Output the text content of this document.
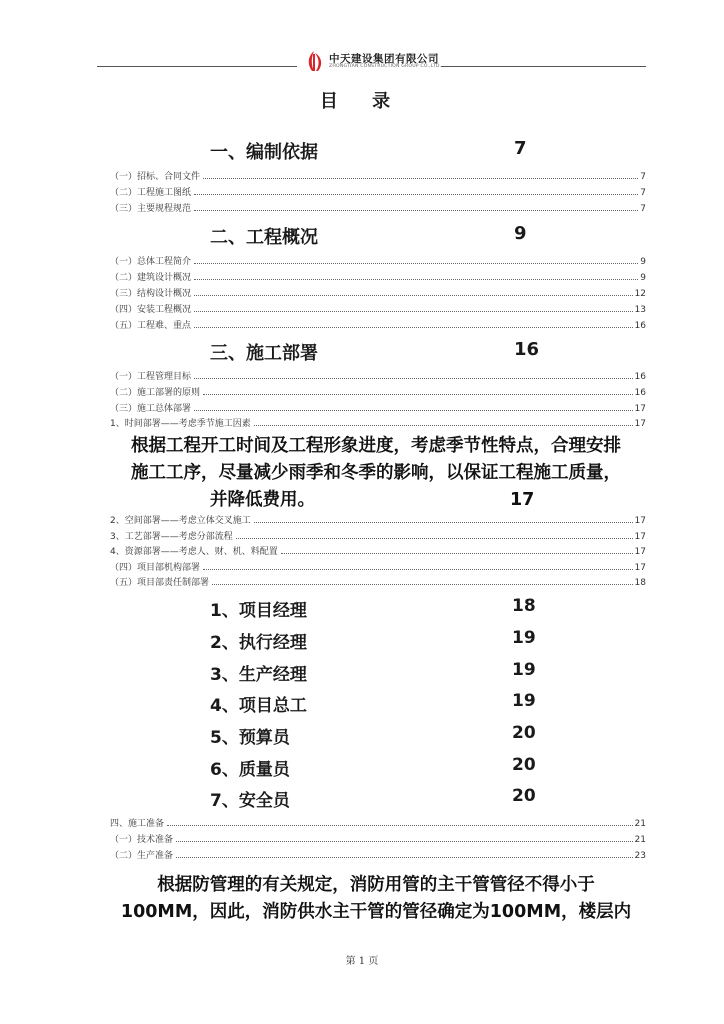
中天建设集团有限公司
ZHONGTIAN CONSTRUCTION GROUP CO.,LTD.
目 录
一、编制依据	7
（一）招标、合同文件	7
（二）工程施工图纸	7
（三）主要规程规范	7
二、工程概况	9
（一）总体工程简介	9
（二）建筑设计概况	9
（三）结构设计概况	12
（四）安装工程概况	13
（五）工程难、重点	16
三、施工部署	16
（一）工程管理目标	16
（二）施工部署的原则	16
（三）施工总体部署	17
1、时间部署——考虑季节施工因素	17
根据工程开工时间及工程形象进度，考虑季节性特点，合理安排
施工工序，尽量减少雨季和冬季的影响，以保证工程施工质量，
并降低费用。	17
2、空间部署——考虑立体交叉施工	17
3、工艺部署——考虑分部流程	17
4、资源部署——考虑人、财、机、料配置	17
（四）项目部机构部署	17
（五）项目部责任制部署	18
1、项目经理	18
2、执行经理	19
3、生产经理	19
4、项目总工	19
5、预算员	20
6、质量员	20
7、安全员	20
四、施工准备	21
（一）技术准备	21
（二）生产准备	23
根据防管理的有关规定，消防用管的主干管管径不得小于
100MM，因此，消防供水主干管的管径确定为100MM，楼层内
第 1 页
